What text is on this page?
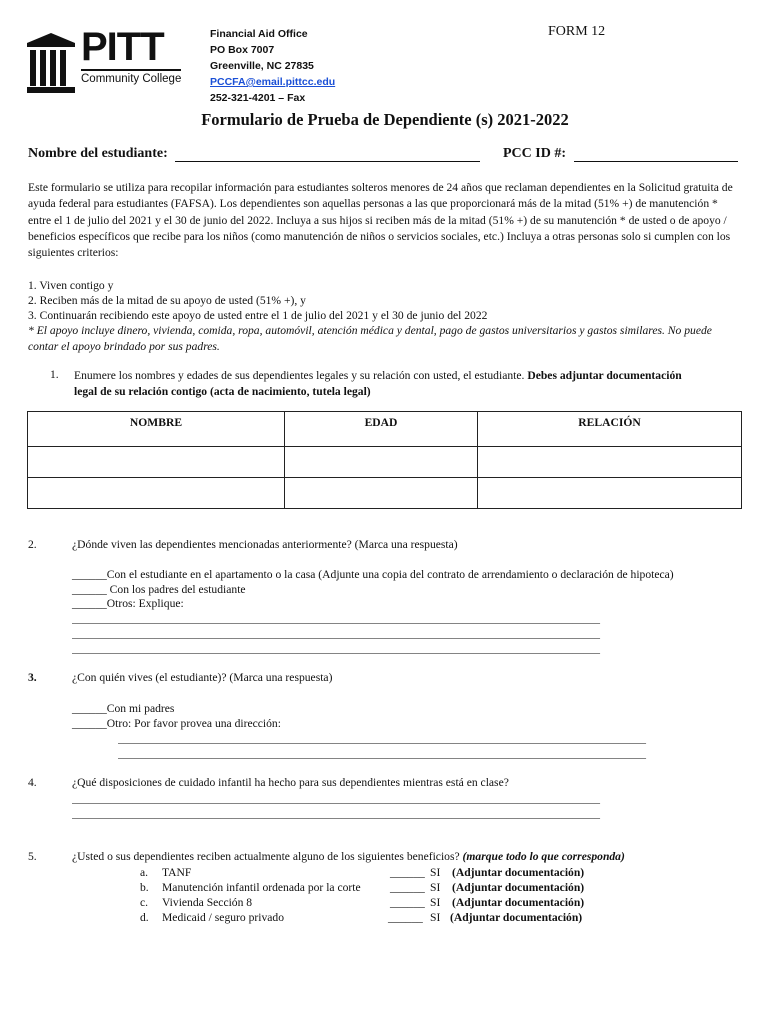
PITT
Community College
Financial Aid Office
PO Box 7007
Greenville, NC 27835
PCCFA@email.pittcc.edu
252-321-4201 – Fax
FORM 12
Formulario de Prueba de Dependiente (s) 2021-2022
Nombre del estudiante:	PCC ID #:
Este formulario se utiliza para recopilar información para estudiantes solteros menores de 24 años que reclaman dependientes en la Solicitud gratuita de ayuda federal para estudiantes (FAFSA). Los dependientes son aquellas personas a las que proporcionará más de la mitad (51% +) de manutención * entre el 1 de julio del 2021 y el 30 de junio del 2022. Incluya a sus hijos si reciben más de la mitad (51% +) de su manutención * de usted o de apoyo / beneficios específicos que recibe para los niños (como manutención de niños o servicios sociales, etc.) Incluya a otras personas solo si cumplen con los siguientes criterios:
1. Viven contigo y
2. Reciben más de la mitad de su apoyo de usted (51% +), y
3. Continuarán recibiendo este apoyo de usted entre el 1 de julio del 2021 y el 30 de junio del 2022
* El apoyo incluye dinero, vivienda, comida, ropa, automóvil, atención médica y dental, pago de gastos universitarios y gastos similares. No puede contar el apoyo brindado por sus padres.
1. Enumere los nombres y edades de sus dependientes legales y su relación con usted, el estudiante. Debes adjuntar documentación
legal de su relación contigo (acta de nacimiento, tutela legal)
NOMBRE	EDAD	RELACIÓN

2.	¿Dónde viven las dependientes mencionadas anteriormente? (Marca una respuesta)
______Con el estudiante en el apartamento o la casa (Adjunte una copia del contrato de arrendamiento o declaración de hipoteca)
______ Con los padres del estudiante
______Otros: Explique:
________________________________________________________________________________________________
________________________________________________________________________________________________
________________________________________________________________________________________________
3.	¿Con quién vives (el estudiante)? (Marca una respuesta)
______Con mi padres
______Otro: Por favor provea una dirección:
________________________________________________________________________________________________
________________________________________________________________________________________________
4.	¿Qué disposiciones de cuidado infantil ha hecho para sus dependientes mientras está en clase?
________________________________________________________________________________________________
________________________________________________________________________________________________
5.	¿Usted o sus dependientes reciben actualmente alguno de los siguientes beneficios? (marque todo lo que corresponda)
a. TANF	______ SI (Adjuntar documentación)
b. Manutención infantil ordenada por la corte	______ SI (Adjuntar documentación)
c. Vivienda Sección 8	______ SI (Adjuntar documentación)
d. Medicaid / seguro privado	______ SI (Adjuntar documentación)
